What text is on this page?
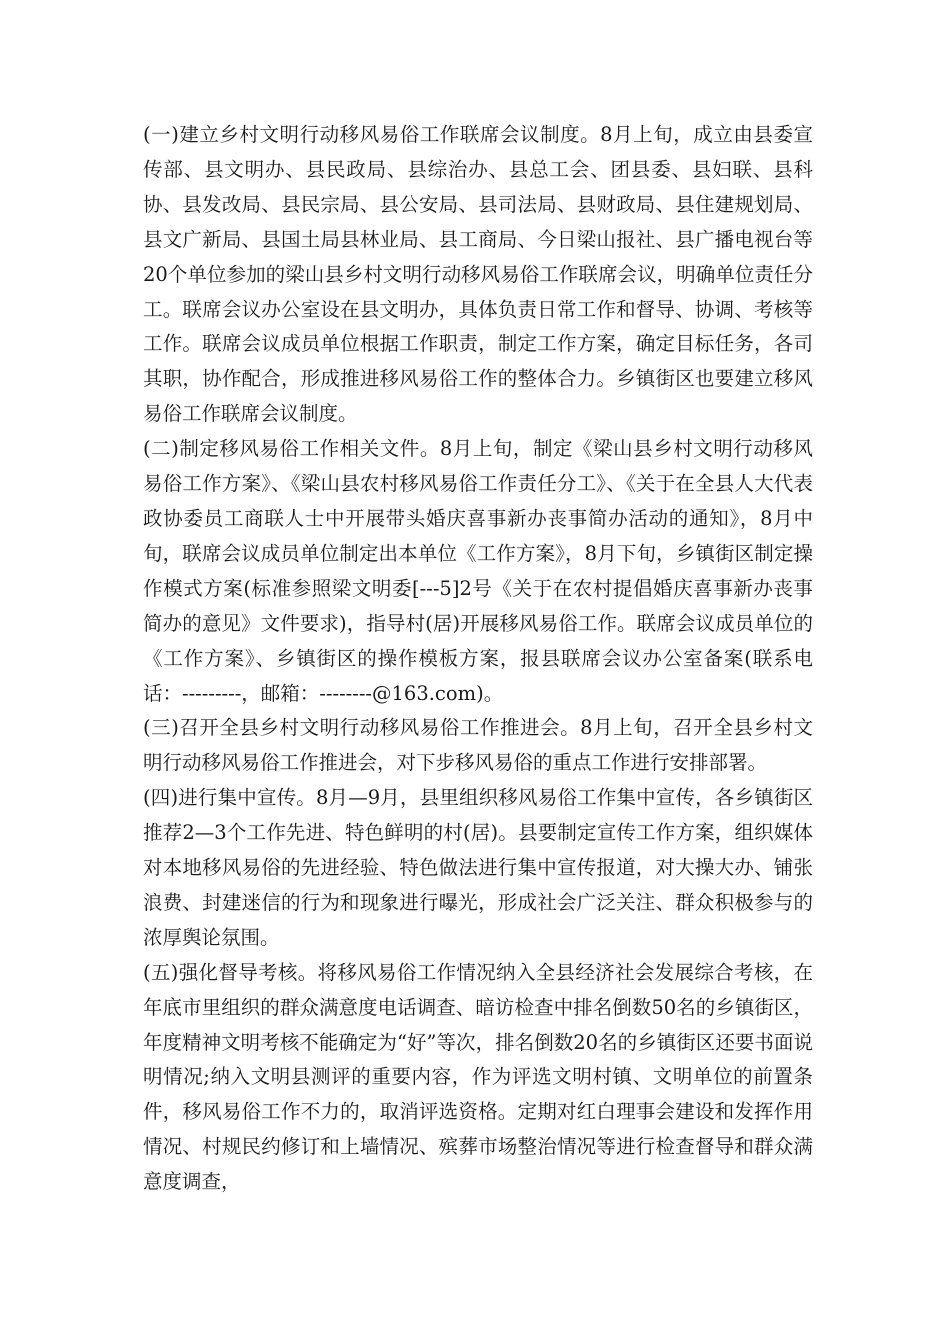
(一)建立乡村文明行动移风易俗工作联席会议制度。8月上旬，成立由县委宣传部、县文明办、县民政局、县综治办、县总工会、团县委、县妇联、县科协、县发改局、县民宗局、县公安局、县司法局、县财政局、县住建规划局、县文广新局、县国土局县林业局、县工商局、今日梁山报社、县广播电视台等20个单位参加的梁山县乡村文明行动移风易俗工作联席会议，明确单位责任分工。联席会议办公室设在县文明办，具体负责日常工作和督导、协调、考核等工作。联席会议成员单位根据工作职责，制定工作方案，确定目标任务，各司其职，协作配合，形成推进移风易俗工作的整体合力。乡镇街区也要建立移风易俗工作联席会议制度。

(二)制定移风易俗工作相关文件。8月上旬，制定《梁山县乡村文明行动移风易俗工作方案》、《梁山县农村移风易俗工作责任分工》、《关于在全县人大代表政协委员工商联人士中开展带头婚庆喜事新办丧事简办活动的通知》，8月中旬，联席会议成员单位制定出本单位《工作方案》，8月下旬，乡镇街区制定操作模式方案(标准参照梁文明委[---5]2号《关于在农村提倡婚庆喜事新办丧事简办的意见》文件要求)，指导村(居)开展移风易俗工作。联席会议成员单位的《工作方案》、乡镇街区的操作模板方案，报县联席会议办公室备案(联系电话：---------，邮箱：--------@163.com)。

(三)召开全县乡村文明行动移风易俗工作推进会。8月上旬，召开全县乡村文明行动移风易俗工作推进会，对下步移风易俗的重点工作进行安排部署。

(四)进行集中宣传。8月—9月，县里组织移风易俗工作集中宣传，各乡镇街区推荐2—3个工作先进、特色鲜明的村(居)。县要制定宣传工作方案，组织媒体对本地移风易俗的先进经验、特色做法进行集中宣传报道，对大操大办、铺张浪费、封建迷信的行为和现象进行曝光，形成社会广泛关注、群众积极参与的浓厚舆论氛围。

(五)强化督导考核。将移风易俗工作情况纳入全县经济社会发展综合考核，在年底市里组织的群众满意度电话调查、暗访检查中排名倒数50名的乡镇街区，年度精神文明考核不能确定为“好”等次，排名倒数20名的乡镇街区还要书面说明情况;纳入文明县测评的重要内容，作为评选文明村镇、文明单位的前置条件，移风易俗工作不力的，取消评选资格。定期对红白理事会建设和发挥作用情况、村规民约修订和上墙情况、殡葬市场整治情况等进行检查督导和群众满意度调查，
